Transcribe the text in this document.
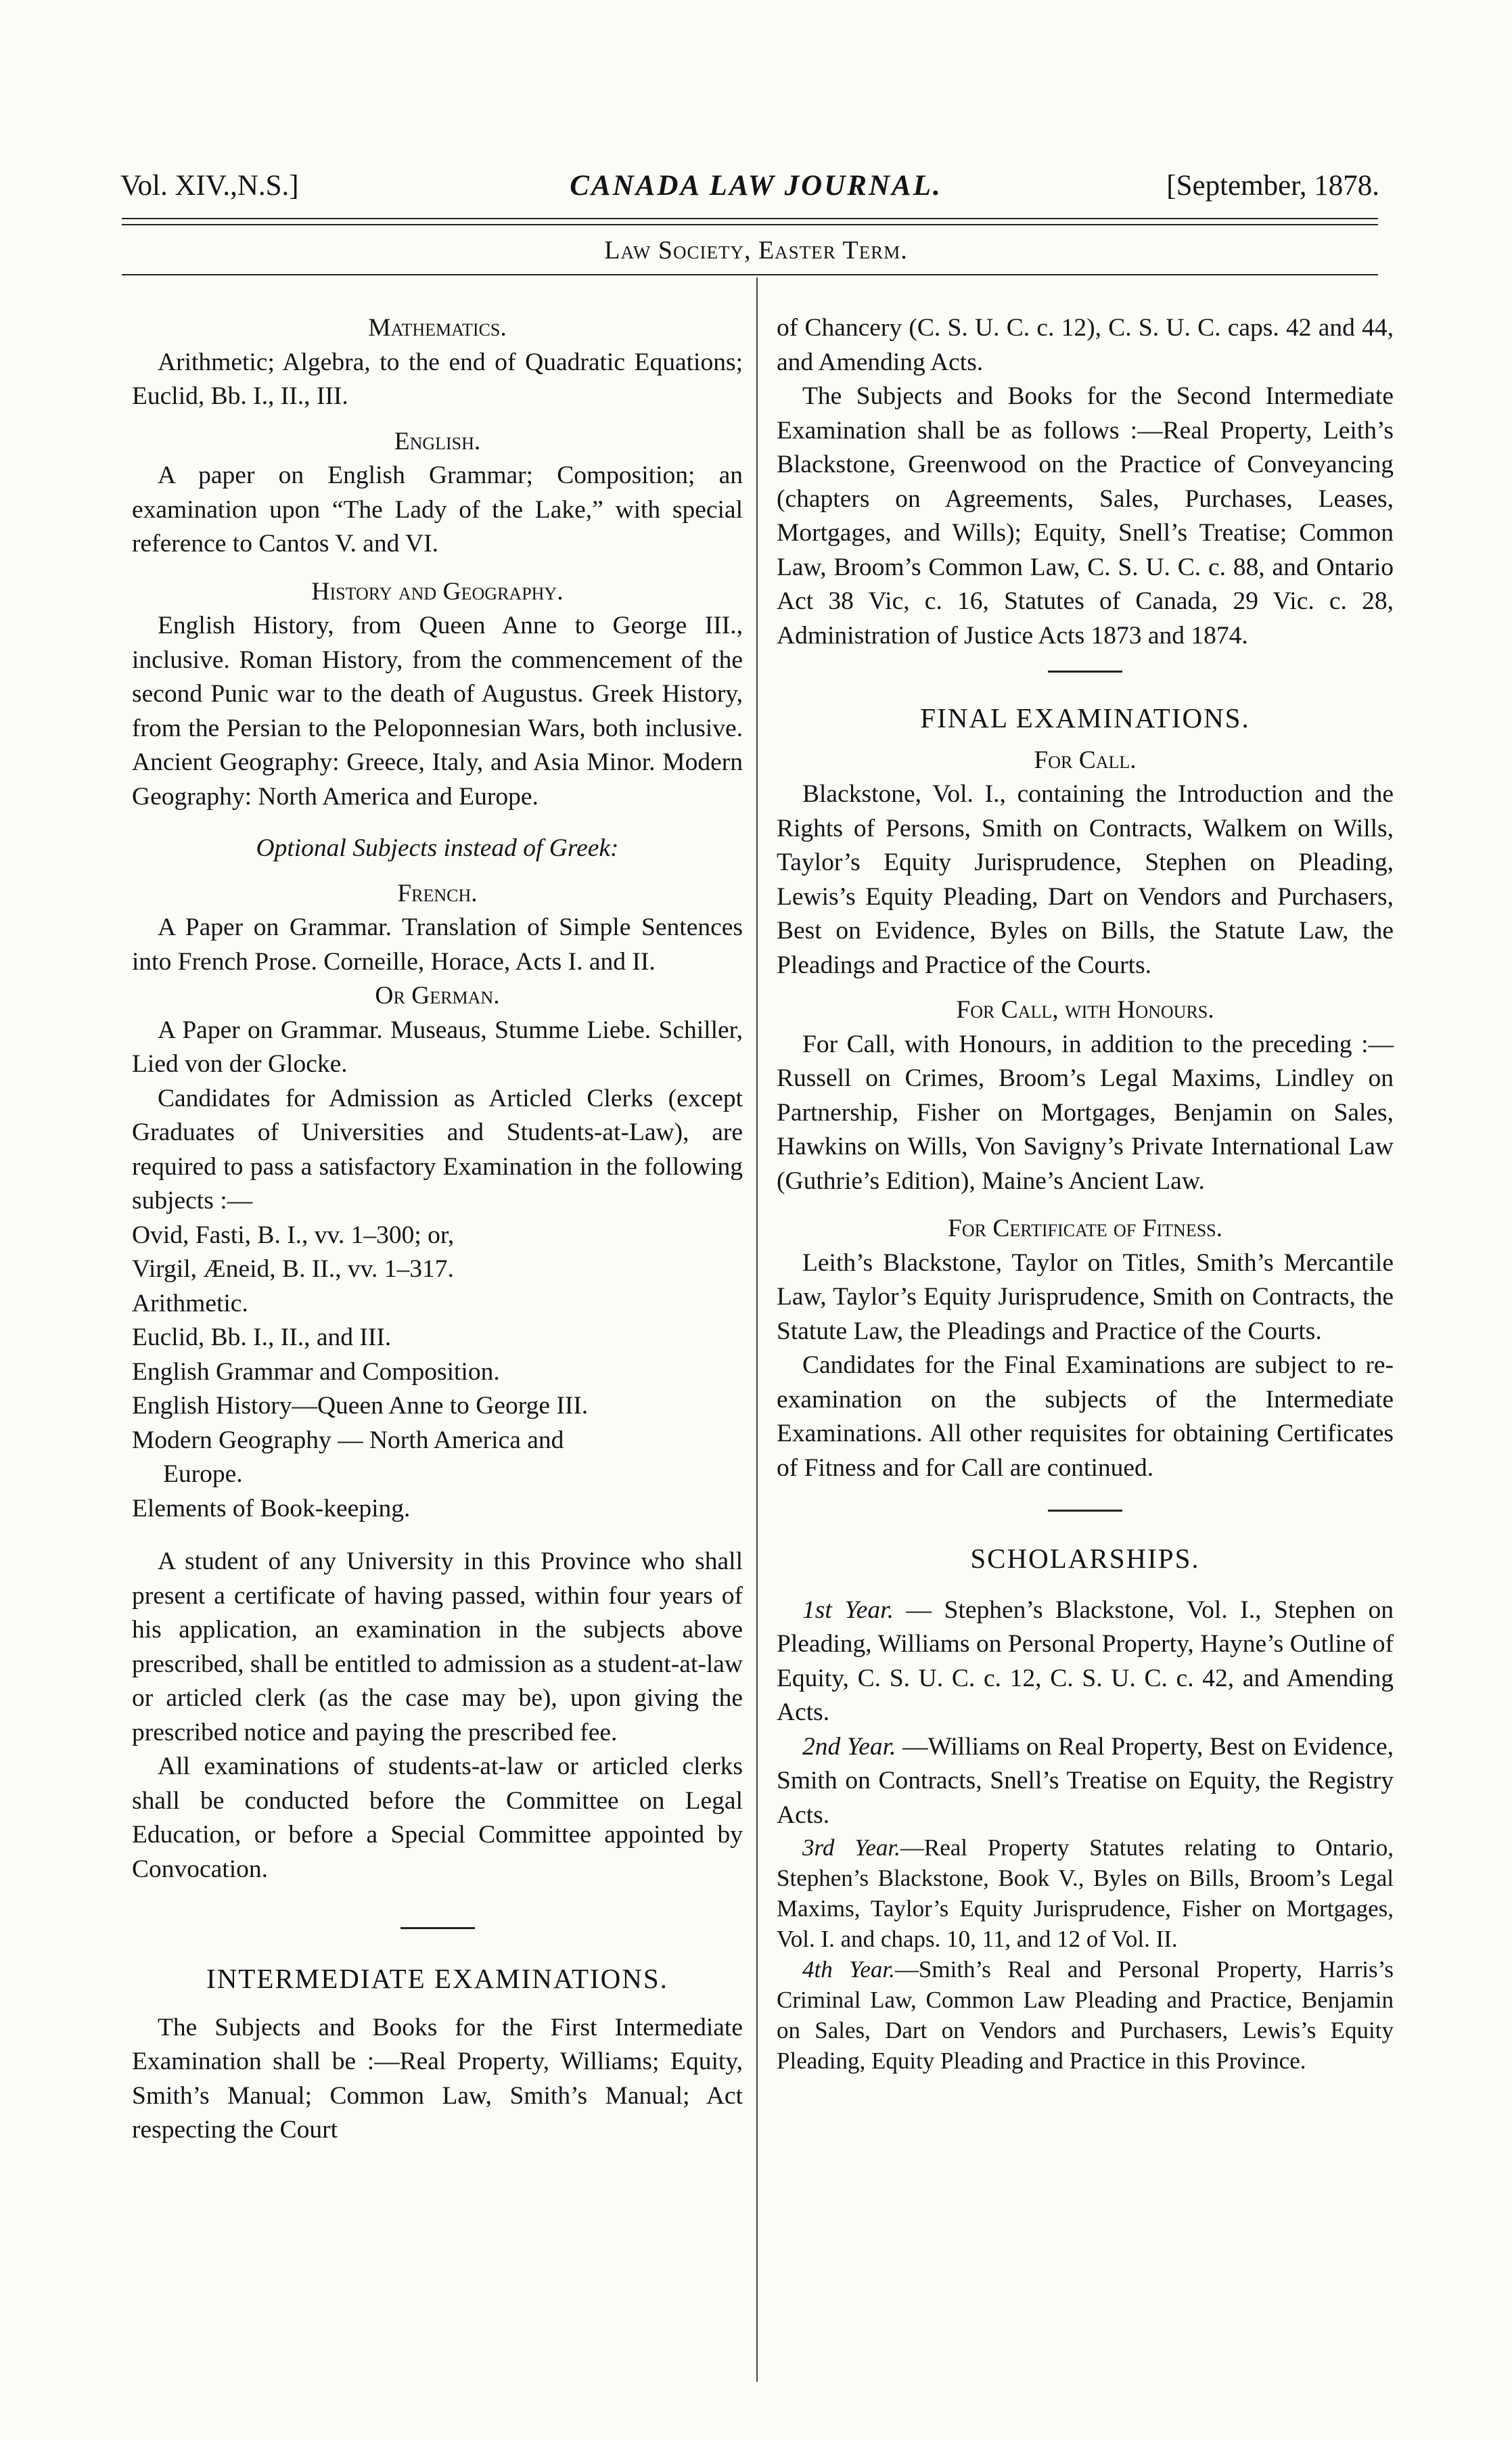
Vol. XIV.,N.S.]	CANADA LAW JOURNAL.	[September, 1878.
Law Society, Easter Term.
Mathematics.

Arithmetic; Algebra, to the end of Quadratic Equations; Euclid, Bb. I., II., III.

English.

A paper on English Grammar; Composition; an examination upon “The Lady of the Lake,” with special reference to Cantos V. and VI.

History and Geography.

English History, from Queen Anne to George III., inclusive. Roman History, from the commencement of the second Punic war to the death of Augustus. Greek History, from the Persian to the Peloponnesian Wars, both inclusive. Ancient Geography: Greece, Italy, and Asia Minor. Modern Geography: North America and Europe.

Optional Subjects instead of Greek:
French.

A Paper on Grammar. Translation of Simple Sentences into French Prose. Corneille, Horace, Acts I. and II.

Or German.

A Paper on Grammar. Museaus, Stumme Liebe. Schiller, Lied von der Glocke.

Candidates for Admission as Articled Clerks (except Graduates of Universities and Students-at-Law), are required to pass a satisfactory Examination in the following subjects :—

Ovid, Fasti, B. I., vv. 1–300; or,
Virgil, Æneid, B. II., vv. 1–317.
Arithmetic.
Euclid, Bb. I., II., and III.
English Grammar and Composition.
English History—Queen Anne to George III.
Modern Geography — North America and
Europe.
Elements of Book-keeping.

A student of any University in this Province who shall present a certificate of having passed, within four years of his application, an examination in the subjects above prescribed, shall be entitled to admission as a student-at-law or articled clerk (as the case may be), upon giving the prescribed notice and paying the prescribed fee.

All examinations of students-at-law or articled clerks shall be conducted before the Committee on Legal Education, or before a Special Committee appointed by Convocation.

INTERMEDIATE EXAMINATIONS.

The Subjects and Books for the First Intermediate Examination shall be :—Real Property, Williams; Equity, Smith’s Manual; Common Law, Smith’s Manual; Act respecting the Court

of Chancery (C. S. U. C. c. 12), C. S. U. C. caps. 42 and 44, and Amending Acts.

The Subjects and Books for the Second Intermediate Examination shall be as follows :—Real Property, Leith’s Blackstone, Greenwood on the Practice of Conveyancing (chapters on Agreements, Sales, Purchases, Leases, Mortgages, and Wills); Equity, Snell’s Treatise; Common Law, Broom’s Common Law, C. S. U. C. c. 88, and Ontario Act 38 Vic, c. 16, Statutes of Canada, 29 Vic. c. 28, Administration of Justice Acts 1873 and 1874.

FINAL EXAMINATIONS.
For Call.

Blackstone, Vol. I., containing the Introduction and the Rights of Persons, Smith on Contracts, Walkem on Wills, Taylor’s Equity Jurisprudence, Stephen on Pleading, Lewis’s Equity Pleading, Dart on Vendors and Purchasers, Best on Evidence, Byles on Bills, the Statute Law, the Pleadings and Practice of the Courts.

For Call, with Honours.

For Call, with Honours, in addition to the preceding :—Russell on Crimes, Broom’s Legal Maxims, Lindley on Partnership, Fisher on Mortgages, Benjamin on Sales, Hawkins on Wills, Von Savigny’s Private International Law (Guthrie’s Edition), Maine’s Ancient Law.

For Certificate of Fitness.

Leith’s Blackstone, Taylor on Titles, Smith’s Mercantile Law, Taylor’s Equity Jurisprudence, Smith on Contracts, the Statute Law, the Pleadings and Practice of the Courts.

Candidates for the Final Examinations are subject to re-examination on the subjects of the Intermediate Examinations. All other requisites for obtaining Certificates of Fitness and for Call are continued.

SCHOLARSHIPS.

1st Year. — Stephen’s Blackstone, Vol. I., Stephen on Pleading, Williams on Personal Property, Hayne’s Outline of Equity, C. S. U. C. c. 12, C. S. U. C. c. 42, and Amending Acts.

2nd Year. —Williams on Real Property, Best on Evidence, Smith on Contracts, Snell’s Treatise on Equity, the Registry Acts.

3rd Year.—Real Property Statutes relating to Ontario, Stephen’s Blackstone, Book V., Byles on Bills, Broom’s Legal Maxims, Taylor’s Equity Jurisprudence, Fisher on Mortgages, Vol. I. and chaps. 10, 11, and 12 of Vol. II.

4th Year.—Smith’s Real and Personal Property, Harris’s Criminal Law, Common Law Pleading and Practice, Benjamin on Sales, Dart on Vendors and Purchasers, Lewis’s Equity Pleading, Equity Pleading and Practice in this Province.
